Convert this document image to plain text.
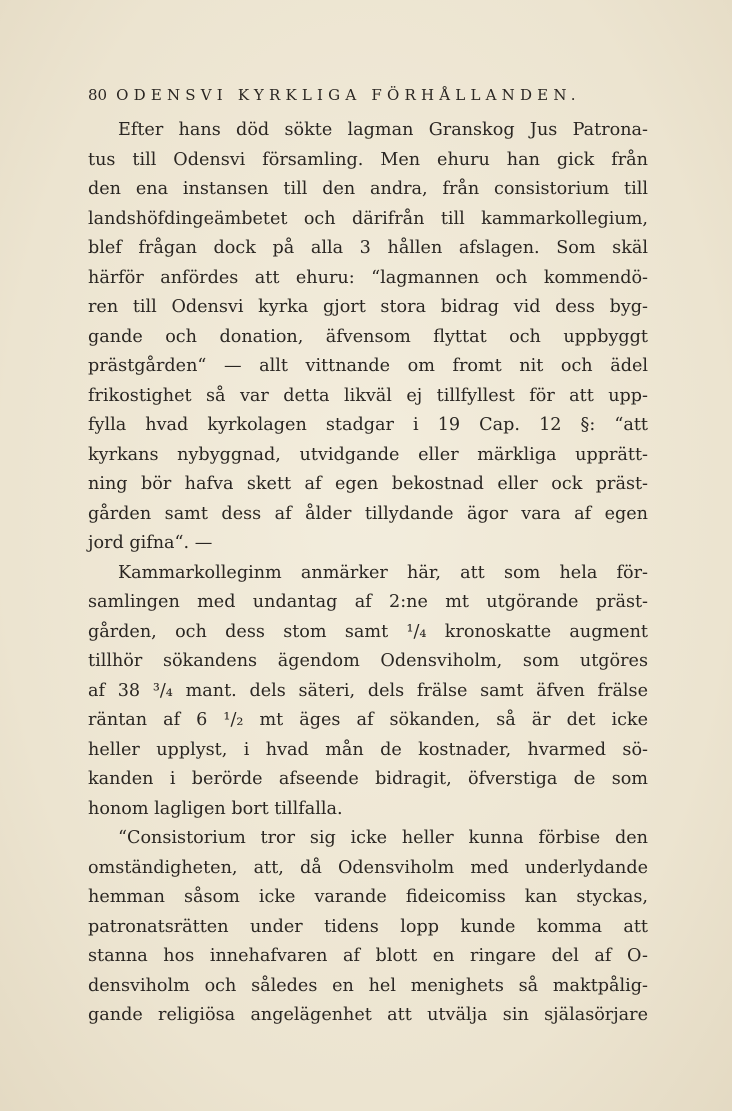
80 ODENSVI KYRKLIGA FÖRHÅLLANDEN.
Efter hans död sökte lagman Granskog Jus Patrona-
tus till Odensvi församling. Men ehuru han gick från
den ena instansen till den andra, från consistorium till
landshöfdingeämbetet och därifrån till kammarkollegium,
blef frågan dock på alla 3 hållen afslagen. Som skäl
härför anfördes att ehuru: “lagmannen och kommendö-
ren till Odensvi kyrka gjort stora bidrag vid dess byg-
gande och donation, äfvensom flyttat och uppbyggt
prästgården“ — allt vittnande om fromt nit och ädel
frikostighet så var detta likväl ej tillfyllest för att upp-
fylla hvad kyrkolagen stadgar i 19 Cap. 12 §: “att
kyrkans nybyggnad, utvidgande eller märkliga upprätt-
ning bör hafva skett af egen bekostnad eller ock präst-
gården samt dess af ålder tillydande ägor vara af egen
jord gifna“. —
Kammarkolleginm anmärker här, att som hela för-
samlingen med undantag af 2:ne mt utgörande präst-
gården, och dess stom samt ¹/₄ kronoskatte augment
tillhör sökandens ägendom Odensviholm, som utgöres
af 38 ³/₄ mant. dels säteri, dels frälse samt äfven frälse
räntan af 6 ¹/₂ mt äges af sökanden, så är det icke
heller upplyst, i hvad mån de kostnader, hvarmed sö-
kanden i berörde afseende bidragit, öfverstiga de som
honom lagligen bort tillfalla.
“Consistorium tror sig icke heller kunna förbise den
omständigheten, att, då Odensviholm med underlydande
hemman såsom icke varande fideicomiss kan styckas,
patronatsrätten under tidens lopp kunde komma att
stanna hos innehafvaren af blott en ringare del af O-
densviholm och således en hel menighets så maktpålig-
gande religiösa angelägenhet att utvälja sin själasörjare
